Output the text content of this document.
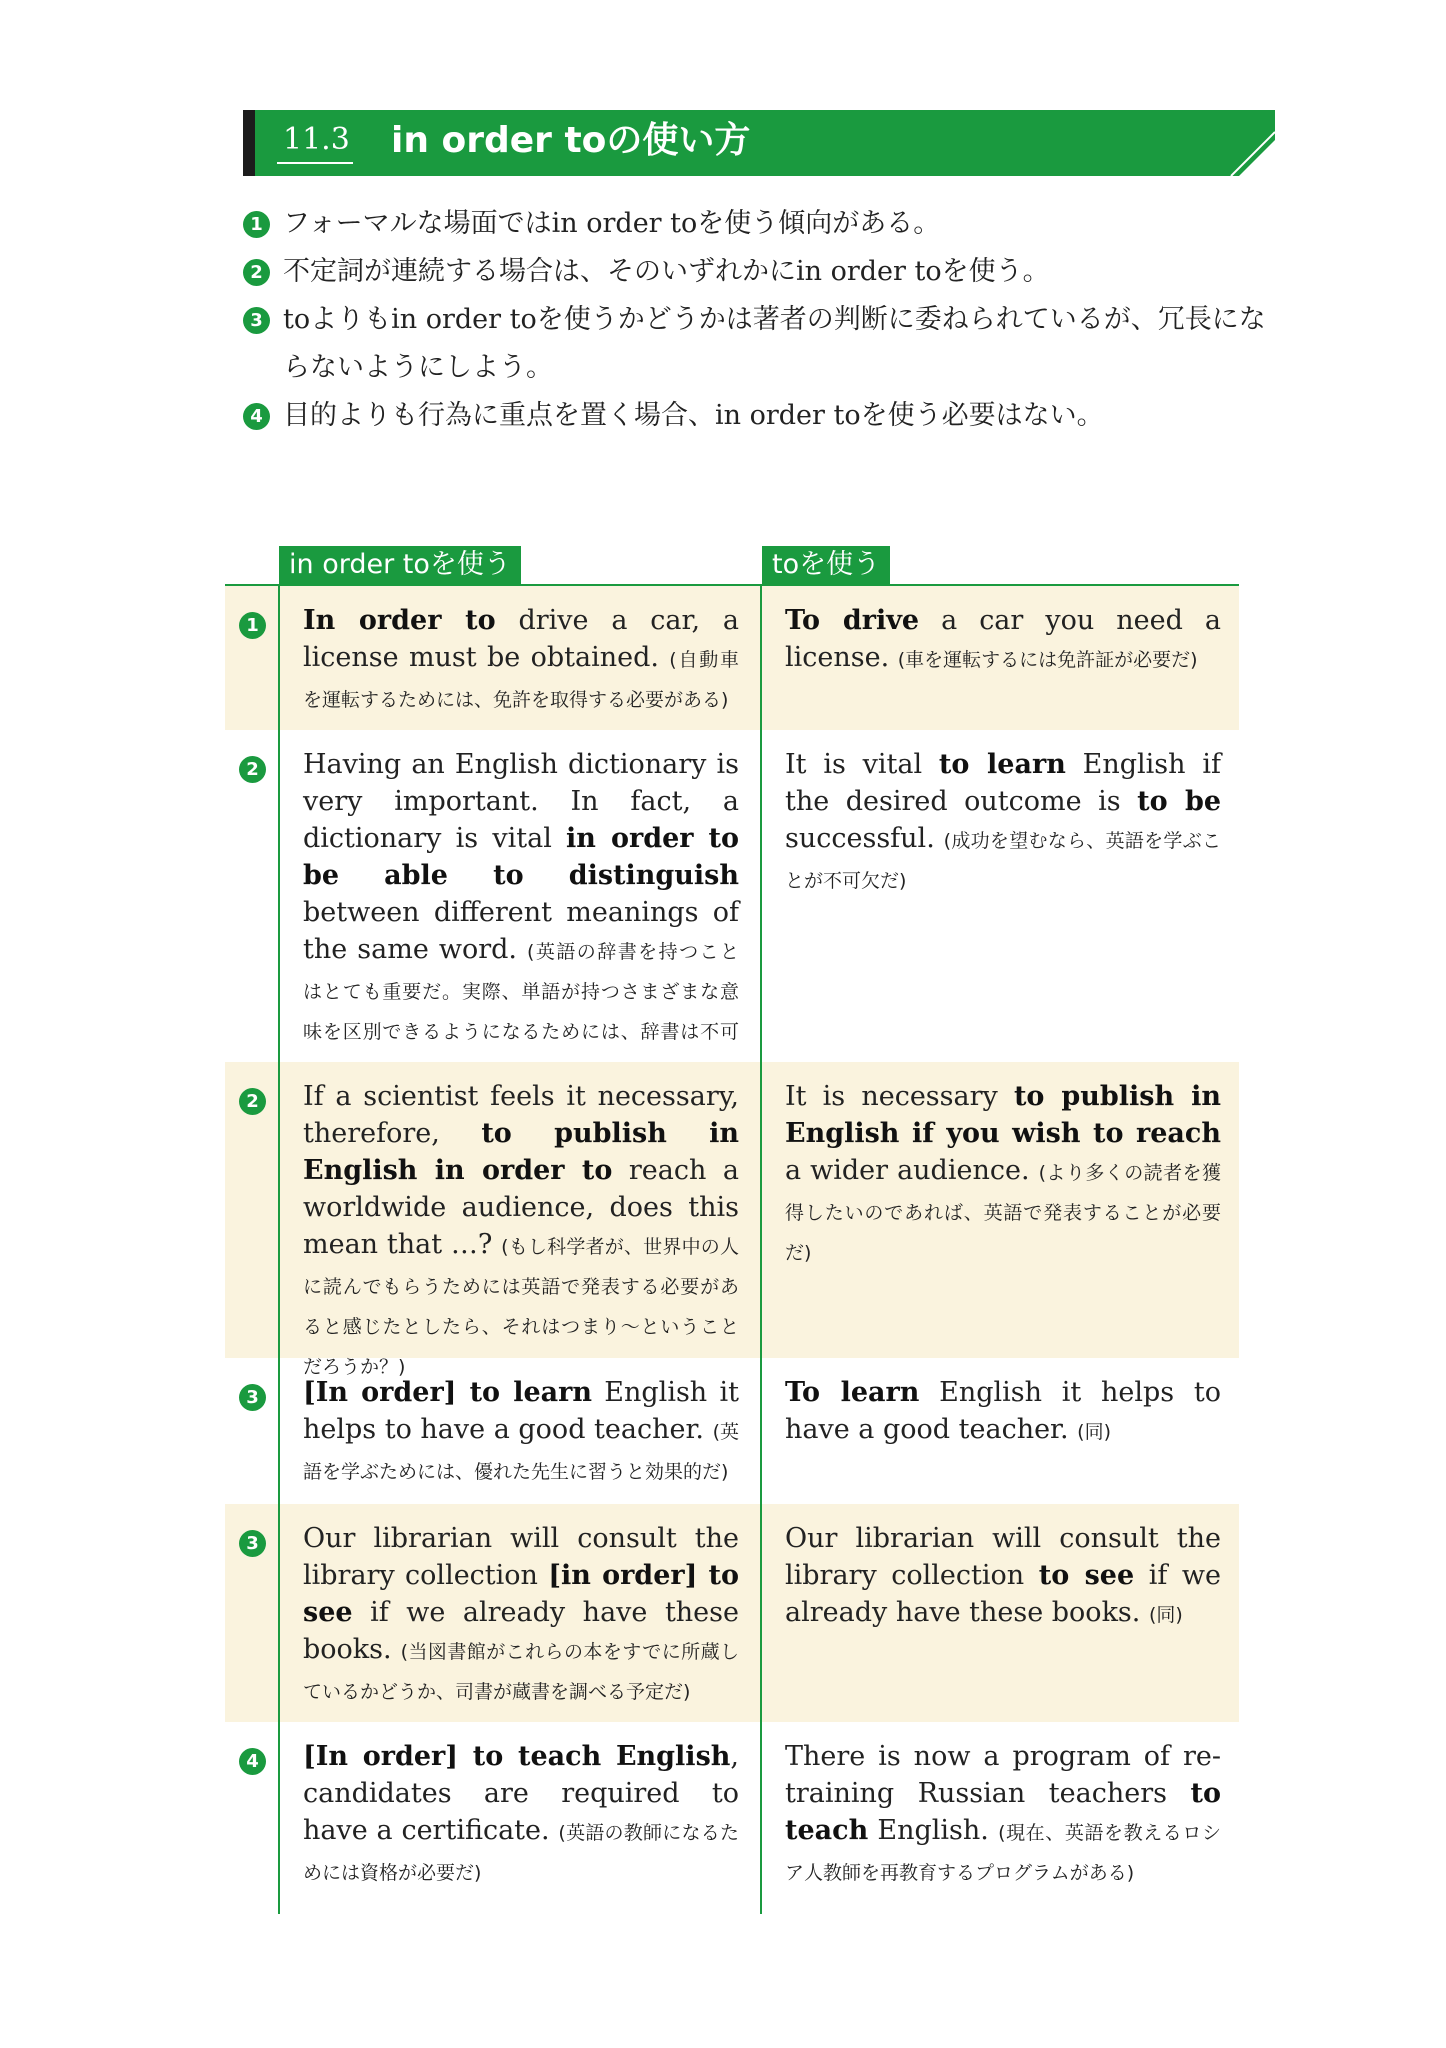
11.3 in order toの使い方
1 フォーマルな場面ではin order toを使う傾向がある。
2 不定詞が連続する場合は、そのいずれかにin order toを使う。
3 toよりもin order toを使うかどうかは著者の判断に委ねられているが、冗長にならないようにしよう。
4 目的よりも行為に重点を置く場合、in order toを使う必要はない。
in order toを使う	toを使う
1 In order to drive a car, a license must be obtained. (自動車を運転するためには、免許を取得する必要がある)
To drive a car you need a license. (車を運転するには免許証が必要だ)
2 Having an English dictionary is very important. In fact, a dictionary is vital in order to be able to distinguish between different meanings of the same word. (英語の辞書を持つことはとても重要だ。実際、単語が持つさまざまな意味を区別できるようになるためには、辞書は不可
It is vital to learn English if the desired outcome is to be successful. (成功を望むなら、英語を学ぶことが不可欠だ)
2 If a scientist feels it necessary, therefore, to publish in English in order to reach a worldwide audience, does this mean that …? (もし科学者が、世界中の人に読んでもらうためには英語で発表する必要があると感じたとしたら、それはつまり～ということだろうか？)
It is necessary to publish in English if you wish to reach a wider audience. (より多くの読者を獲得したいのであれば、英語で発表することが必要だ)
3 [In order] to learn English it helps to have a good teacher. (英語を学ぶためには、優れた先生に習うと効果的だ)
To learn English it helps to have a good teacher. (同)
3 Our librarian will consult the library collection [in order] to see if we already have these books. (当図書館がこれらの本をすでに所蔵しているかどうか、司書が蔵書を調べる予定だ)
Our librarian will consult the library collection to see if we already have these books. (同)
4 [In order] to teach English, candidates are required to have a certificate. (英語の教師になるためには資格が必要だ)
There is now a program of retraining Russian teachers to teach English. (現在、英語を教えるロシア人教師を再教育するプログラムがある)
